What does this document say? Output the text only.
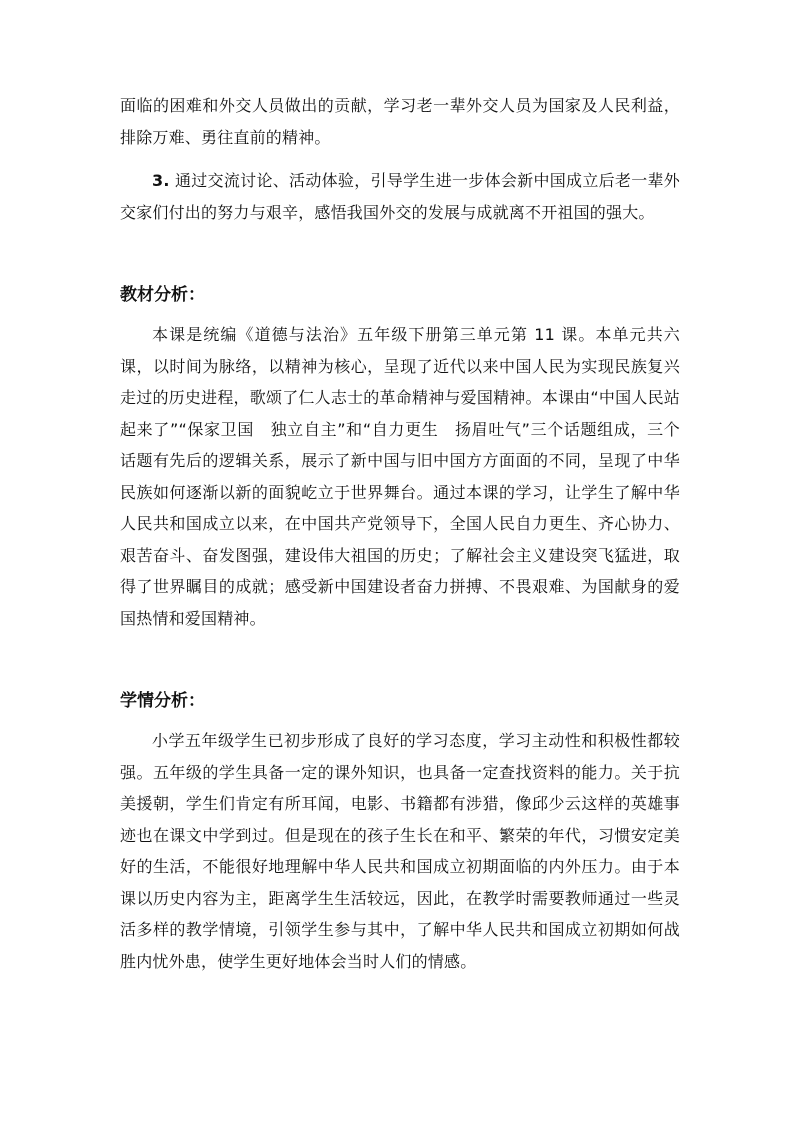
面临的困难和外交人员做出的贡献，学习老一辈外交人员为国家及人民利益，排除万难、勇往直前的精神。

3. 通过交流讨论、活动体验，引导学生进一步体会新中国成立后老一辈外交家们付出的努力与艰辛，感悟我国外交的发展与成就离不开祖国的强大。

教材分析：

本课是统编《道德与法治》五年级下册第三单元第 11 课。本单元共六课，以时间为脉络，以精神为核心，呈现了近代以来中国人民为实现民族复兴走过的历史进程，歌颂了仁人志士的革命精神与爱国精神。本课由“中国人民站起来了”“保家卫国　独立自主”和“自力更生　扬眉吐气”三个话题组成，三个话题有先后的逻辑关系，展示了新中国与旧中国方方面面的不同，呈现了中华民族如何逐渐以新的面貌屹立于世界舞台。通过本课的学习，让学生了解中华人民共和国成立以来，在中国共产党领导下，全国人民自力更生、齐心协力、艰苦奋斗、奋发图强，建设伟大祖国的历史；了解社会主义建设突飞猛进，取得了世界瞩目的成就；感受新中国建设者奋力拼搏、不畏艰难、为国献身的爱国热情和爱国精神。

学情分析：

小学五年级学生已初步形成了良好的学习态度，学习主动性和积极性都较强。五年级的学生具备一定的课外知识，也具备一定查找资料的能力。关于抗美援朝，学生们肯定有所耳闻，电影、书籍都有涉猎，像邱少云这样的英雄事迹也在课文中学到过。但是现在的孩子生长在和平、繁荣的年代，习惯安定美好的生活，不能很好地理解中华人民共和国成立初期面临的内外压力。由于本课以历史内容为主，距离学生生活较远，因此，在教学时需要教师通过一些灵活多样的教学情境，引领学生参与其中，了解中华人民共和国成立初期如何战胜内忧外患，使学生更好地体会当时人们的情感。
